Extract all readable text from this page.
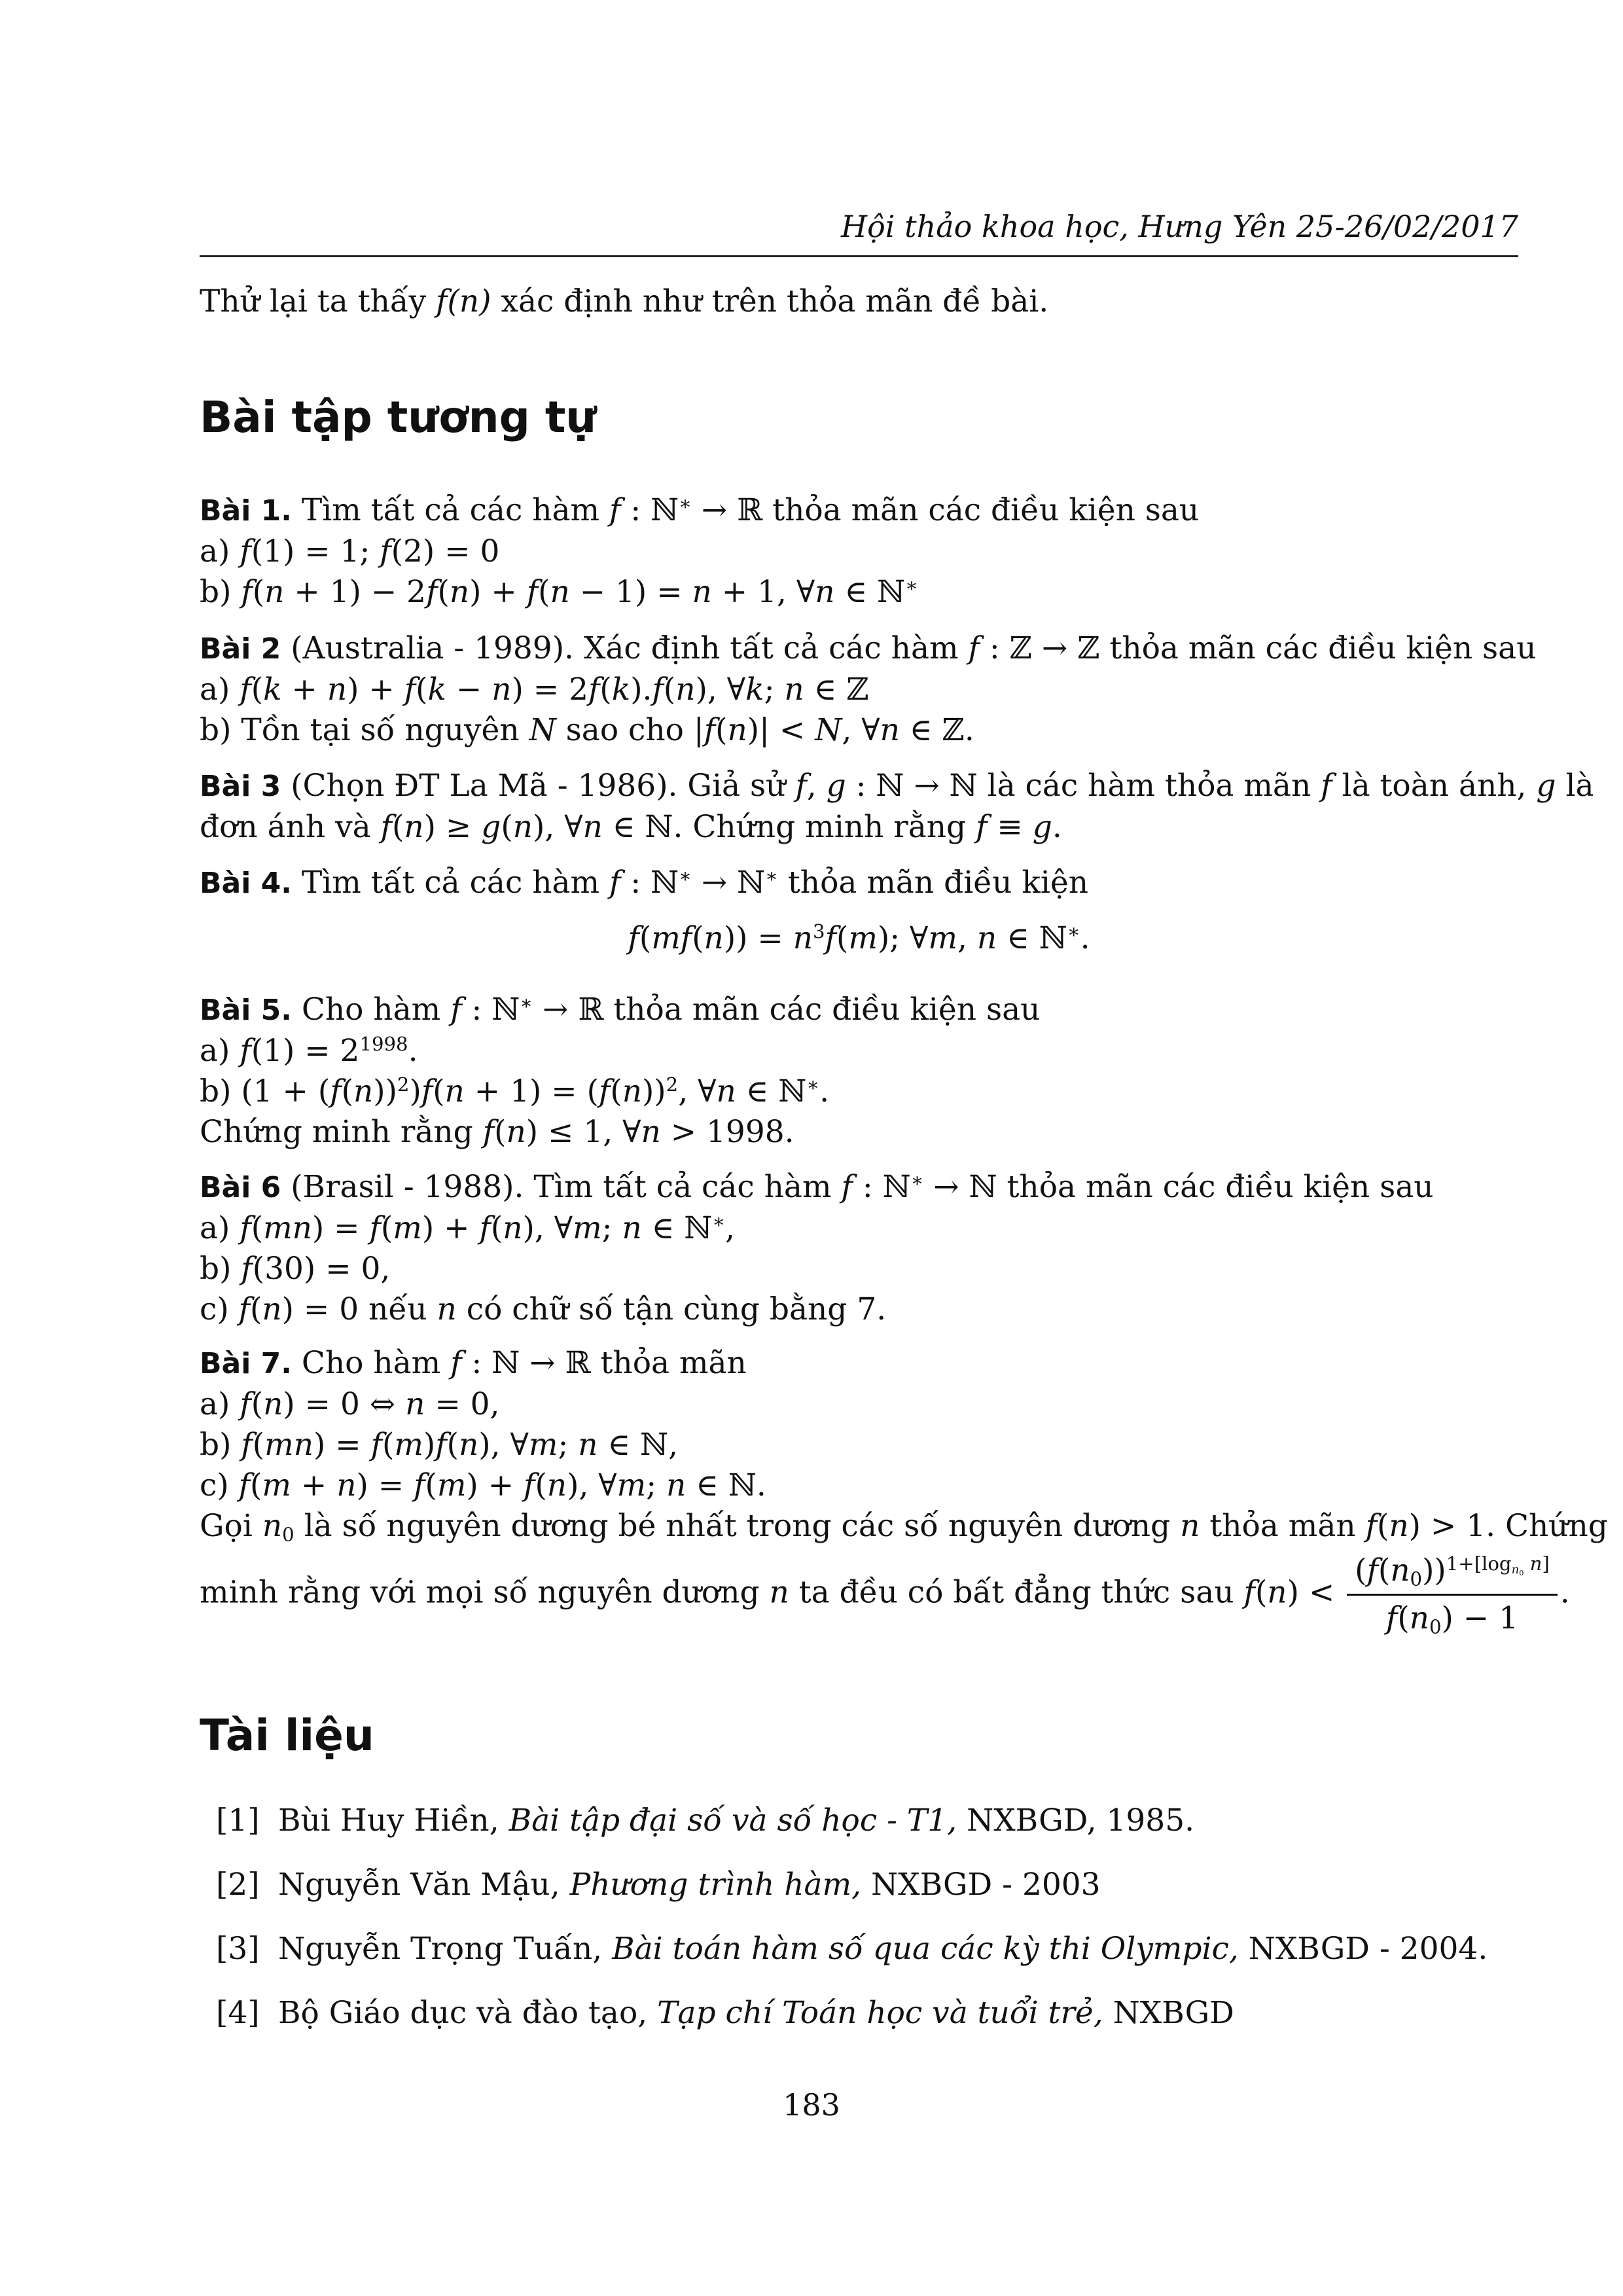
Hội thảo khoa học, Hưng Yên 25-26/02/2017

Thử lại ta thấy f(n) xác định như trên thỏa mãn đề bài.

Bài tập tương tự

Bài 1. Tìm tất cả các hàm f : ℕ∗ → ℝ thỏa mãn các điều kiện sau

a) f(1) = 1; f(2) = 0

b) f(n + 1) − 2f(n) + f(n − 1) = n + 1, ∀n ∈ ℕ∗

Bài 2 (Australia - 1989). Xác định tất cả các hàm f : ℤ → ℤ thỏa mãn các điều kiện sau

a) f(k + n) + f(k − n) = 2f(k).f(n), ∀k; n ∈ ℤ

b) Tồn tại số nguyên N sao cho |f(n)| < N, ∀n ∈ ℤ.

Bài 3 (Chọn ĐT La Mã - 1986). Giả sử f, g : ℕ → ℕ là các hàm thỏa mãn f là toàn ánh, g là

đơn ánh và f(n) ≥ g(n), ∀n ∈ ℕ. Chứng minh rằng f ≡ g.

Bài 4. Tìm tất cả các hàm f : ℕ∗ → ℕ∗ thỏa mãn điều kiện

$f(mf(n)) = n^3f(m)$; ∀m, n ∈ ℕ∗.

Bài 5. Cho hàm f : ℕ∗ → ℝ thỏa mãn các điều kiện sau

a) $f(1) = 2^{1998}$.

b) $(1 + (f(n))^2)f(n + 1) = (f(n))^2$, ∀n ∈ ℕ∗.

Chứng minh rằng f(n) ≤ 1, ∀n > 1998.

Bài 6 (Brasil - 1988). Tìm tất cả các hàm f : ℕ∗ → ℕ thỏa mãn các điều kiện sau

a) f(mn) = f(m) + f(n), ∀m; n ∈ ℕ∗,

b) f(30) = 0,

c) f(n) = 0 nếu n có chữ số tận cùng bằng 7.

Bài 7. Cho hàm f : ℕ → ℝ thỏa mãn

a) f(n) = 0 ⇔ n = 0,

b) f(mn) = f(m)f(n), ∀m; n ∈ ℕ,

c) f(m + n) = f(m) + f(n), ∀m; n ∈ ℕ.

Gọi $n_0$ là số nguyên dương bé nhất trong các số nguyên dương n thỏa mãn f(n) > 1. Chứng

minh rằng với mọi số nguyên dương n ta đều có bất đẳng thức sau $f(n) < \frac{(f(n_0))^{1+[log_{n_0} n]}}{f(n_0) - 1}$ .

Tài liệu
[1] Bùi Huy Hiền, Bài tập đại số và số học - T1, NXBGD, 1985.
[2] Nguyễn Văn Mậu, Phương trình hàm, NXBGD - 2003
[3] Nguyễn Trọng Tuấn, Bài toán hàm số qua các kỳ thi Olympic, NXBGD - 2004.
[4] Bộ Giáo dục và đào tạo, Tạp chí Toán học và tuổi trẻ, NXBGD
183
